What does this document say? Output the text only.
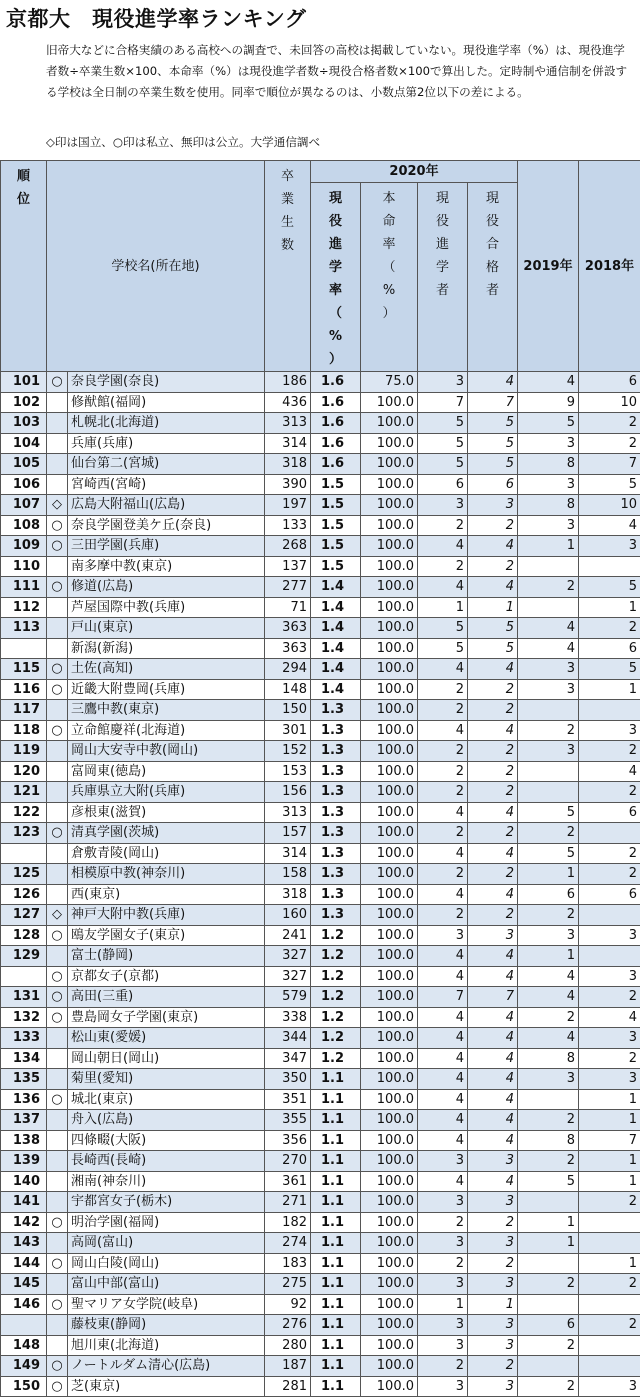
京都大　現役進学率ランキング
旧帝大などに合格実績のある高校への調査で、未回答の高校は掲載していない。現役進学率（%）は、現役進学者数÷卒業生数×100、本命率（%）は現役進学者数÷現役合格者数×100で算出した。定時制や通信制を併設する学校は全日制の卒業生数を使用。同率で順位が異なるのは、小数点第2位以下の差による。
◇印は国立、○印は私立、無印は公立。大学通信調べ
順位	学校名(所在地)		卒業生数	2020年				2019年	2018年
				現役進学率（%）	本命率（%）	現役進学者	現役合格者		
101	○	奈良学園(奈良)	186	1.6	75.0	3	4	4	6
102		修猷館(福岡)	436	1.6	100.0	7	7	9	10
103		札幌北(北海道)	313	1.6	100.0	5	5	5	2
104		兵庫(兵庫)	314	1.6	100.0	5	5	3	2
105		仙台第二(宮城)	318	1.6	100.0	5	5	8	7
106		宮崎西(宮崎)	390	1.5	100.0	6	6	3	5
107	◇	広島大附福山(広島)	197	1.5	100.0	3	3	8	10
108	○	奈良学園登美ケ丘(奈良)	133	1.5	100.0	2	2	3	4
109	○	三田学園(兵庫)	268	1.5	100.0	4	4	1	3
110		南多摩中教(東京)	137	1.5	100.0	2	2		
111	○	修道(広島)	277	1.4	100.0	4	4	2	5
112		芦屋国際中教(兵庫)	71	1.4	100.0	1	1		1
113		戸山(東京)	363	1.4	100.0	5	5	4	2
		新潟(新潟)	363	1.4	100.0	5	5	4	6
115	○	土佐(高知)	294	1.4	100.0	4	4	3	5
116	○	近畿大附豊岡(兵庫)	148	1.4	100.0	2	2	3	1
117		三鷹中教(東京)	150	1.3	100.0	2	2		
118	○	立命館慶祥(北海道)	301	1.3	100.0	4	4	2	3
119		岡山大安寺中教(岡山)	152	1.3	100.0	2	2	3	2
120		富岡東(徳島)	153	1.3	100.0	2	2		4
121		兵庫県立大附(兵庫)	156	1.3	100.0	2	2		2
122		彦根東(滋賀)	313	1.3	100.0	4	4	5	6
123	○	清真学園(茨城)	157	1.3	100.0	2	2	2	
		倉敷青陵(岡山)	314	1.3	100.0	4	4	5	2
125		相模原中教(神奈川)	158	1.3	100.0	2	2	1	2
126		西(東京)	318	1.3	100.0	4	4	6	6
127	◇	神戸大附中教(兵庫)	160	1.3	100.0	2	2	2	
128	○	鴎友学園女子(東京)	241	1.2	100.0	3	3	3	3
129		富士(静岡)	327	1.2	100.0	4	4	1	
	○	京都女子(京都)	327	1.2	100.0	4	4	4	3
131	○	高田(三重)	579	1.2	100.0	7	7	4	2
132	○	豊島岡女子学園(東京)	338	1.2	100.0	4	4	2	4
133		松山東(愛媛)	344	1.2	100.0	4	4	4	3
134		岡山朝日(岡山)	347	1.2	100.0	4	4	8	2
135		菊里(愛知)	350	1.1	100.0	4	4	3	3
136	○	城北(東京)	351	1.1	100.0	4	4		1
137		舟入(広島)	355	1.1	100.0	4	4	2	1
138		四條畷(大阪)	356	1.1	100.0	4	4	8	7
139		長崎西(長崎)	270	1.1	100.0	3	3	2	1
140		湘南(神奈川)	361	1.1	100.0	4	4	5	1
141		宇都宮女子(栃木)	271	1.1	100.0	3	3		2
142	○	明治学園(福岡)	182	1.1	100.0	2	2	1	
143		高岡(富山)	274	1.1	100.0	3	3	1	
144	○	岡山白陵(岡山)	183	1.1	100.0	2	2		1
145		富山中部(富山)	275	1.1	100.0	3	3	2	2
146	○	聖マリア女学院(岐阜)	92	1.1	100.0	1	1		
		藤枝東(静岡)	276	1.1	100.0	3	3	6	2
148		旭川東(北海道)	280	1.1	100.0	3	3	2	
149	○	ノートルダム清心(広島)	187	1.1	100.0	2	2		
150	○	芝(東京)	281	1.1	100.0	3	3	2	3
